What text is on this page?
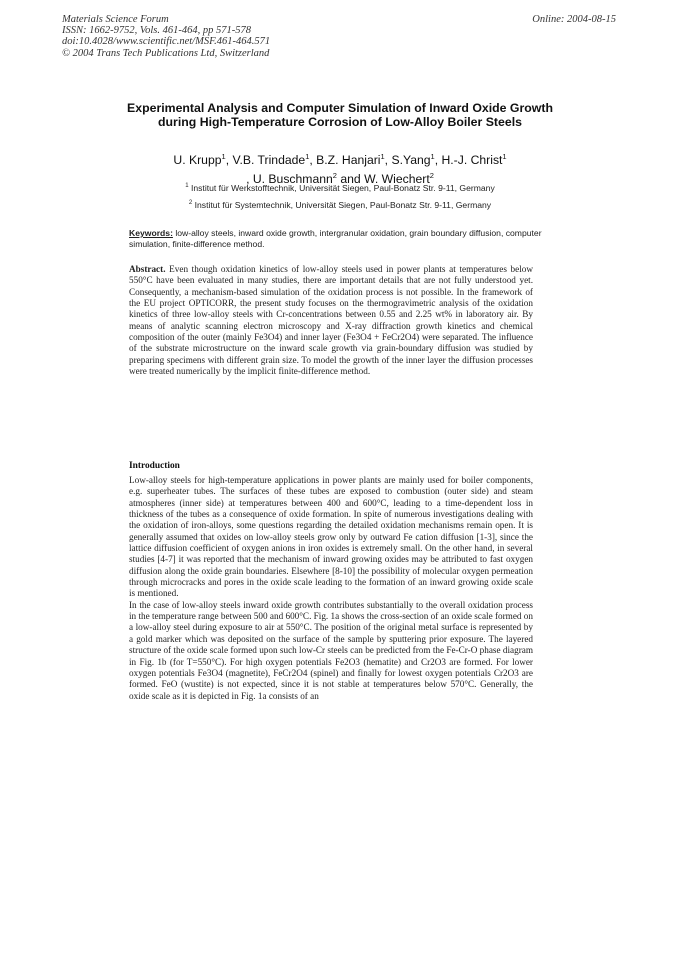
Materials Science Forum
ISSN: 1662-9752, Vols. 461-464, pp 571-578
doi:10.4028/www.scientific.net/MSF.461-464.571
© 2004 Trans Tech Publications Ltd, Switzerland
Online: 2004-08-15
Experimental Analysis and Computer Simulation of Inward Oxide Growth during High-Temperature Corrosion of Low-Alloy Boiler Steels
U. Krupp$^1$, V.B. Trindade$^1$, B.Z. Hanjari$^1$, S.Yang$^1$, H.-J. Christ$^1$
, U. Buschmann$^2$ and W. Wiechert$^2$
$^1$ Institut für Werkstofftechnik, Universität Siegen, Paul-Bonatz Str. 9-11, Germany
$^2$ Institut für Systemtechnik, Universität Siegen, Paul-Bonatz Str. 9-11, Germany
Keywords: low-alloy steels, inward oxide growth, intergranular oxidation, grain boundary diffusion, computer simulation, finite-difference method.

Abstract. Even though oxidation kinetics of low-alloy steels used in power plants at temperatures below 550°C have been evaluated in many studies, there are important details that are not fully understood yet. Consequently, a mechanism-based simulation of the oxidation process is not possible. In the framework of the EU project OPTICORR, the present study focuses on the thermogravimetric analysis of the oxidation kinetics of three low-alloy steels with Cr-concentrations between 0.55 and 2.25 wt% in laboratory air. By means of analytic scanning electron microscopy and X-ray diffraction growth kinetics and chemical composition of the outer (mainly Fe3O4) and inner layer (Fe3O4 + FeCr2O4) were separated. The influence of the substrate microstructure on the inward scale growth via grain-boundary diffusion was studied by preparing specimens with different grain size. To model the growth of the inner layer the diffusion processes were treated numerically by the implicit finite-difference method.

Introduction

Low-alloy steels for high-temperature applications in power plants are mainly used for boiler components, e.g. superheater tubes. The surfaces of these tubes are exposed to combustion (outer side) and steam atmospheres (inner side) at temperatures between 400 and 600°C, leading to a time-dependent loss in thickness of the tubes as a consequence of oxide formation. In spite of numerous investigations dealing with the oxidation of iron-alloys, some questions regarding the detailed oxidation mechanisms remain open. It is generally assumed that oxides on low-alloy steels grow only by outward Fe cation diffusion [1-3], since the lattice diffusion coefficient of oxygen anions in iron oxides is extremely small. On the other hand, in several studies [4-7] it was reported that the mechanism of inward growing oxides may be attributed to fast oxygen diffusion along the oxide grain boundaries. Elsewhere [8-10] the possibility of molecular oxygen permeation through microcracks and pores in the oxide scale leading to the formation of an inward growing oxide scale is mentioned.

In the case of low-alloy steels inward oxide growth contributes substantially to the overall oxidation process in the temperature range between 500 and 600°C. Fig. 1a shows the cross-section of an oxide scale formed on a low-alloy steel during exposure to air at 550°C. The position of the original metal surface is represented by a gold marker which was deposited on the surface of the sample by sputtering prior exposure. The layered structure of the oxide scale formed upon such low-Cr steels can be predicted from the Fe-Cr-O phase diagram in Fig. 1b (for T=550°C). For high oxygen potentials Fe2O3 (hematite) and Cr2O3 are formed. For lower oxygen potentials Fe3O4 (magnetite), FeCr2O4 (spinel) and finally for lowest oxygen potentials Cr2O3 are formed. FeO (wustite) is not expected, since it is not stable at temperatures below 570°C. Generally, the oxide scale as it is depicted in Fig. 1a consists of an
